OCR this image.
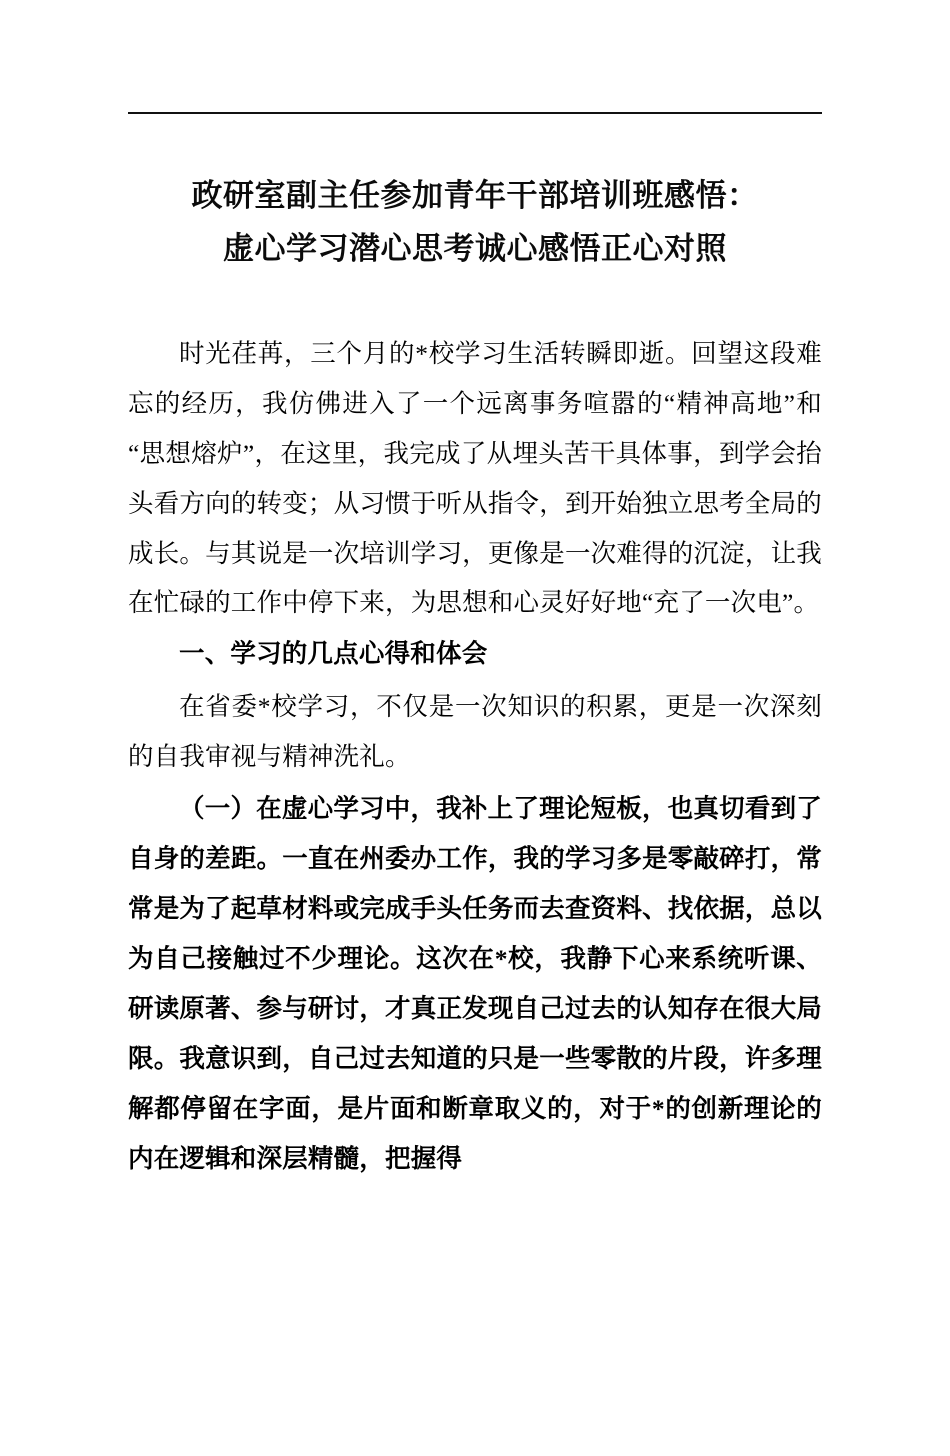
政研室副主任参加青年干部培训班感悟：
虚心学习潜心思考诚心感悟正心对照

时光荏苒，三个月的*校学习生活转瞬即逝。回望这段难忘的经历，我仿佛进入了一个远离事务喧嚣的“精神高地”和“思想熔炉”，在这里，我完成了从埋头苦干具体事，到学会抬头看方向的转变；从习惯于听从指令，到开始独立思考全局的成长。与其说是一次培训学习，更像是一次难得的沉淀，让我在忙碌的工作中停下来，为思想和心灵好好地“充了一次电”。

一、学习的几点心得和体会

在省委*校学习，不仅是一次知识的积累，更是一次深刻的自我审视与精神洗礼。

（一）在虚心学习中，我补上了理论短板，也真切看到了自身的差距。一直在州委办工作，我的学习多是零敲碎打，常常是为了起草材料或完成手头任务而去查资料、找依据，总以为自己接触过不少理论。这次在*校，我静下心来系统听课、研读原著、参与研讨，才真正发现自己过去的认知存在很大局限。我意识到，自己过去知道的只是一些零散的片段，许多理解都停留在字面，是片面和断章取义的，对于*的创新理论的内在逻辑和深层精髓，把握得
